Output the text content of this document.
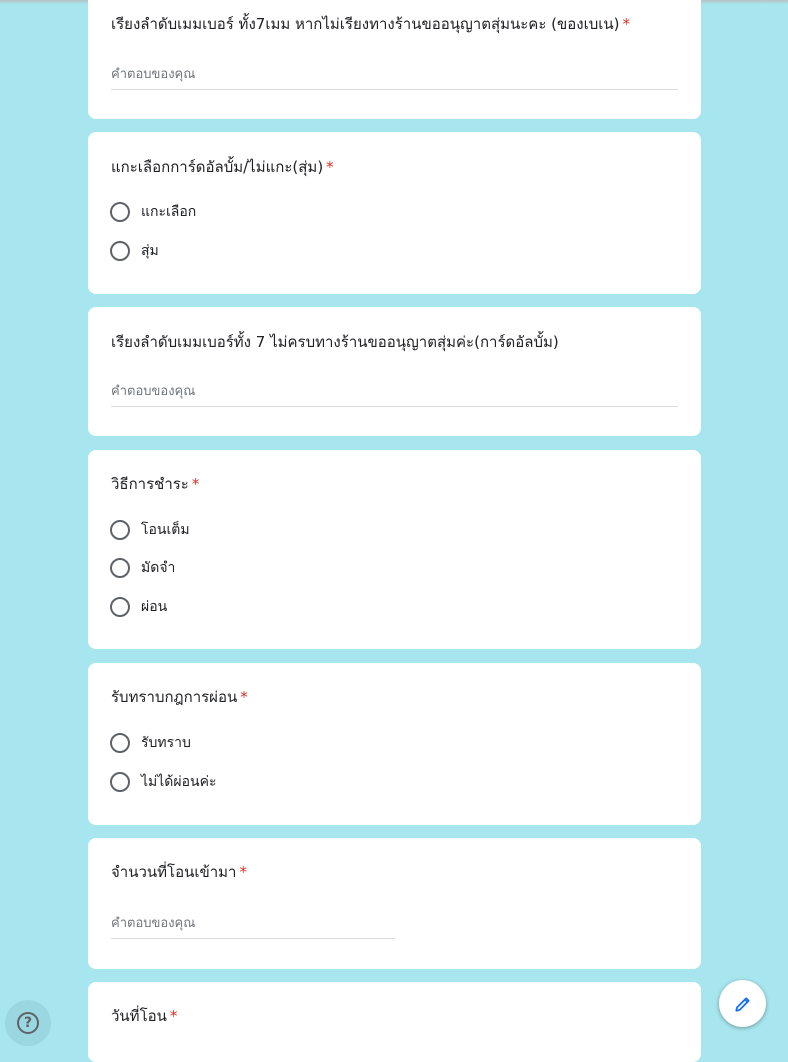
เรียงลำดับเมมเบอร์ ทั้ง7เมม หากไม่เรียงทางร้านขออนุญาตสุ่มนะคะ (ของเบเน) *
คำตอบของคุณ
แกะเลือกการ์ดอัลบั้ม/ไม่แกะ(สุ่ม) *
แกะเลือก
สุ่ม
เรียงลำดับเมมเบอร์ทั้ง 7 ไม่ครบทางร้านขออนุญาตสุ่มค่ะ(การ์ดอัลบั้ม)
คำตอบของคุณ
วิธีการชำระ *
โอนเต็ม
มัดจำ
ผ่อน
รับทราบกฎการผ่อน *
รับทราบ
ไม่ได้ผ่อนค่ะ
จำนวนที่โอนเข้ามา *
คำตอบของคุณ
วันที่โอน *
?
